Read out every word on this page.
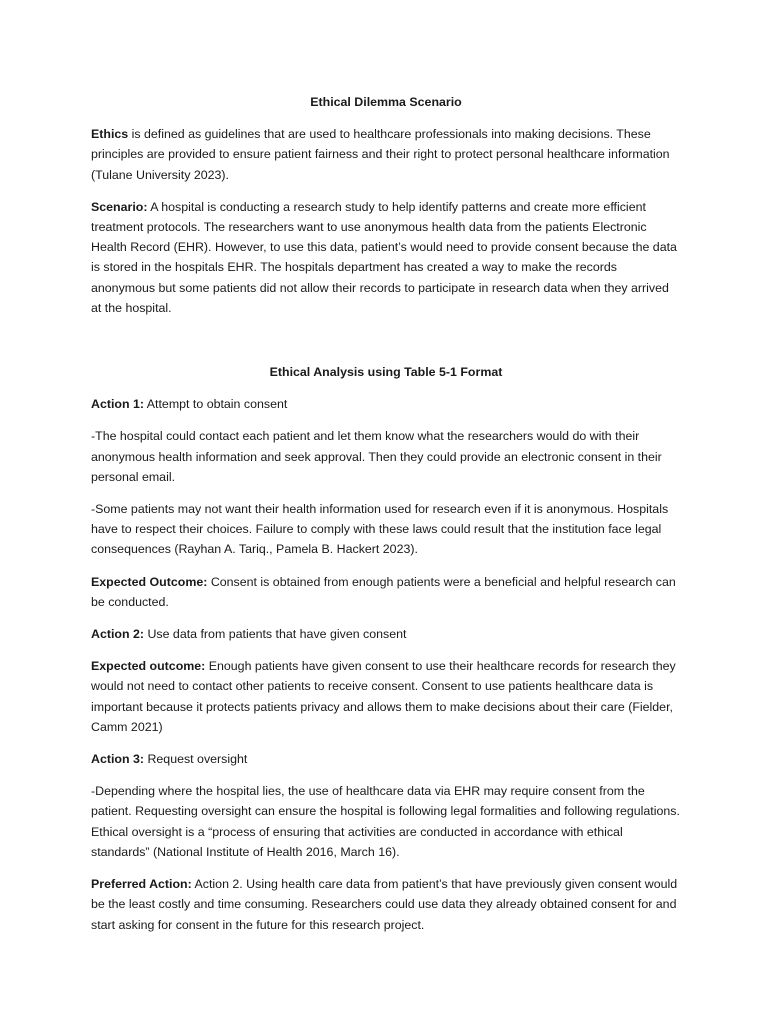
Ethical Dilemma Scenario

Ethics is defined as guidelines that are used to healthcare professionals into making decisions. These principles are provided to ensure patient fairness and their right to protect personal healthcare information (Tulane University 2023).

Scenario: A hospital is conducting a research study to help identify patterns and create more efficient treatment protocols. The researchers want to use anonymous health data from the patients Electronic Health Record (EHR). However, to use this data, patient’s would need to provide consent because the data is stored in the hospitals EHR. The hospitals department has created a way to make the records anonymous but some patients did not allow their records to participate in research data when they arrived at the hospital.

Ethical Analysis using Table 5-1 Format

Action 1: Attempt to obtain consent

-The hospital could contact each patient and let them know what the researchers would do with their anonymous health information and seek approval. Then they could provide an electronic consent in their personal email.

-Some patients may not want their health information used for research even if it is anonymous. Hospitals have to respect their choices. Failure to comply with these laws could result that the institution face legal consequences (Rayhan A. Tariq., Pamela B. Hackert 2023).

Expected Outcome: Consent is obtained from enough patients were a beneficial and helpful research can be conducted.

Action 2: Use data from patients that have given consent

Expected outcome: Enough patients have given consent to use their healthcare records for research they would not need to contact other patients to receive consent. Consent to use patients healthcare data is important because it protects patients privacy and allows them to make decisions about their care (Fielder, Camm 2021)

Action 3: Request oversight

-Depending where the hospital lies, the use of healthcare data via EHR may require consent from the patient. Requesting oversight can ensure the hospital is following legal formalities and following regulations. Ethical oversight is a “process of ensuring that activities are conducted in accordance with ethical standards” (National Institute of Health 2016, March 16).

Preferred Action: Action 2. Using health care data from patient’s that have previously given consent would be the least costly and time consuming. Researchers could use data they already obtained consent for and start asking for consent in the future for this research project.
